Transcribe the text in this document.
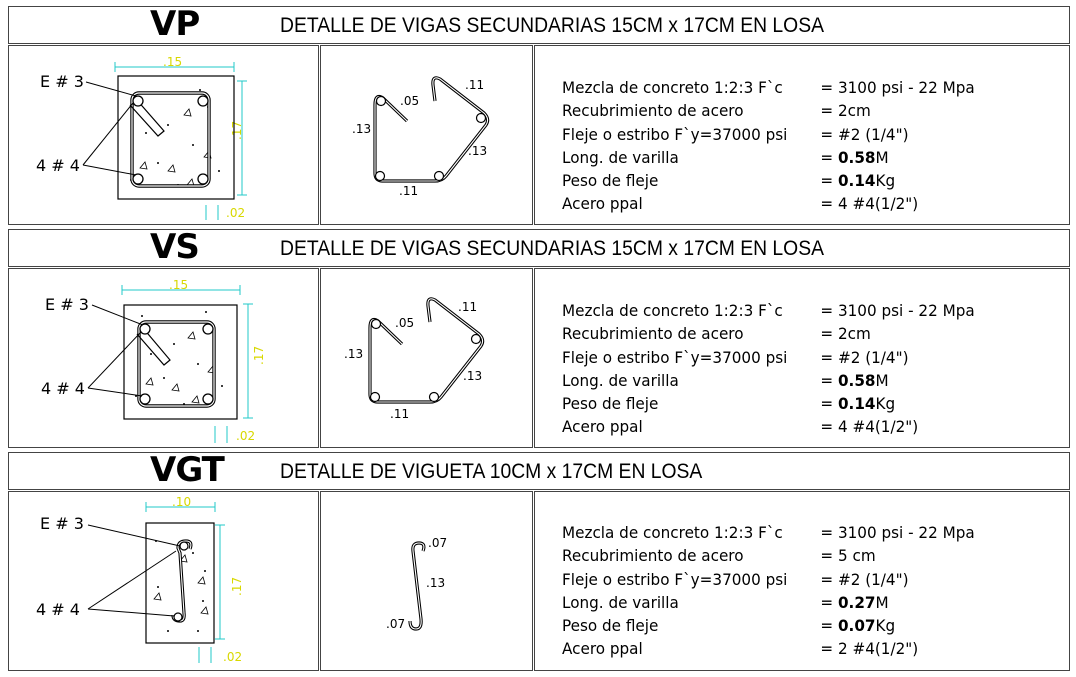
VP	DETALLE DE VIGAS SECUNDARIAS 15CM x 17CM EN LOSA
.15
.17
.02
E # 3
4 # 4
.05
.11
.13
.13
.11
Mezcla de concreto 1:2:3 F`c = 3100 psi - 22 Mpa
Recubrimiento de acero	= 2cm
Fleje o estribo F`y=37000 psi = #2 (1/4")
Long. de varilla	= 0.58M
Peso de fleje	= 0.14Kg
Acero ppal	= 4 #4(1/2")
VS	DETALLE DE VIGAS SECUNDARIAS 15CM x 17CM EN LOSA
.15
.17
.02
E # 3
4 # 4
.05
.11
.13
.13
.11
Mezcla de concreto 1:2:3 F`c = 3100 psi - 22 Mpa
Recubrimiento de acero	= 2cm
Fleje o estribo F`y=37000 psi = #2 (1/4")
Long. de varilla	= 0.58M
Peso de fleje	= 0.14Kg
Acero ppal	= 4 #4(1/2")
VGT	DETALLE DE VIGUETA 10CM x 17CM EN LOSA
.10
.17
.02
E # 3
4 # 4
.07
.13
.07
Mezcla de concreto 1:2:3 F`c = 3100 psi - 22 Mpa
Recubrimiento de acero	= 5 cm
Fleje o estribo F`y=37000 psi = #2 (1/4")
Long. de varilla	= 0.27M
Peso de fleje	= 0.07Kg
Acero ppal	= 2 #4(1/2")
